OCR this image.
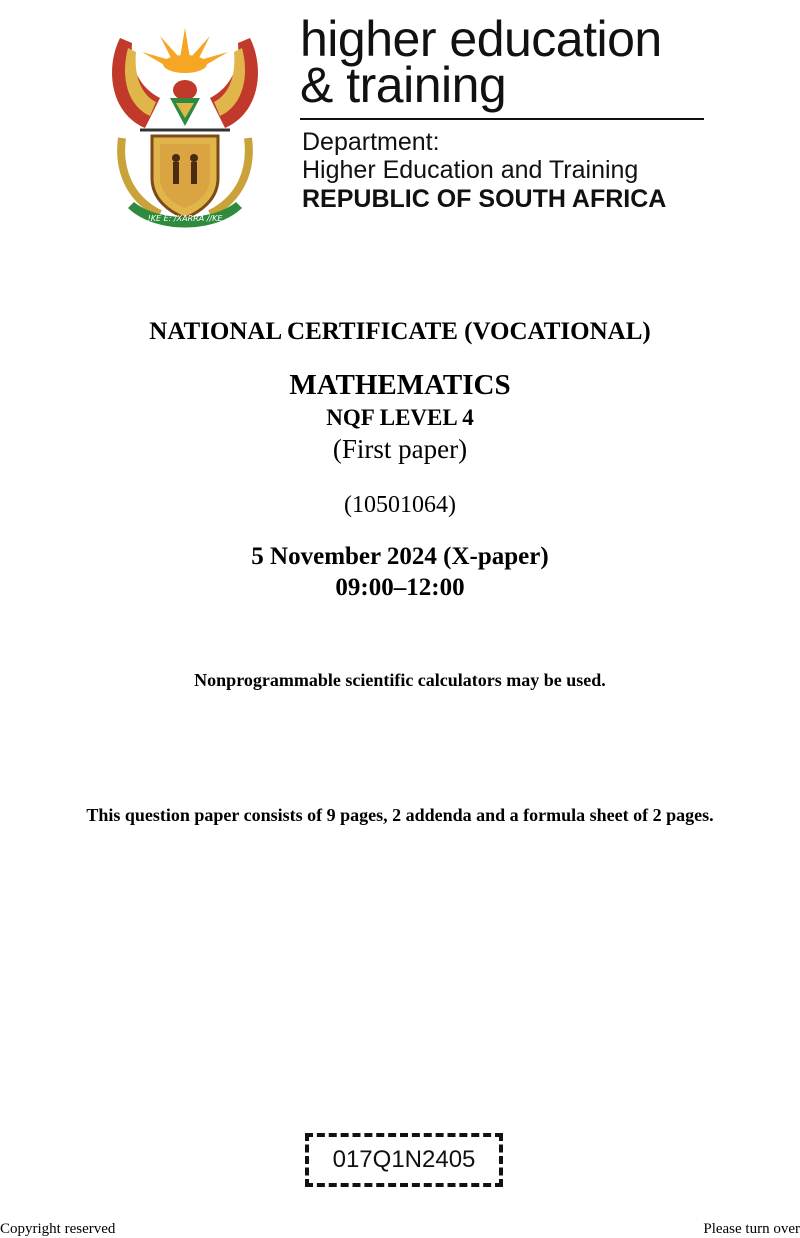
!KE E: /XARRA //KE
higher education
& training
Department:
Higher Education and Training
REPUBLIC OF SOUTH AFRICA
NATIONAL CERTIFICATE (VOCATIONAL)
MATHEMATICS
NQF LEVEL 4
(First paper)
(10501064)
5 November 2024 (X-paper)
09:00–12:00
Nonprogrammable scientific calculators may be used.
This question paper consists of 9 pages, 2 addenda and a formula sheet of 2 pages.
017Q1N2405
Copyright reserved	Please turn over
